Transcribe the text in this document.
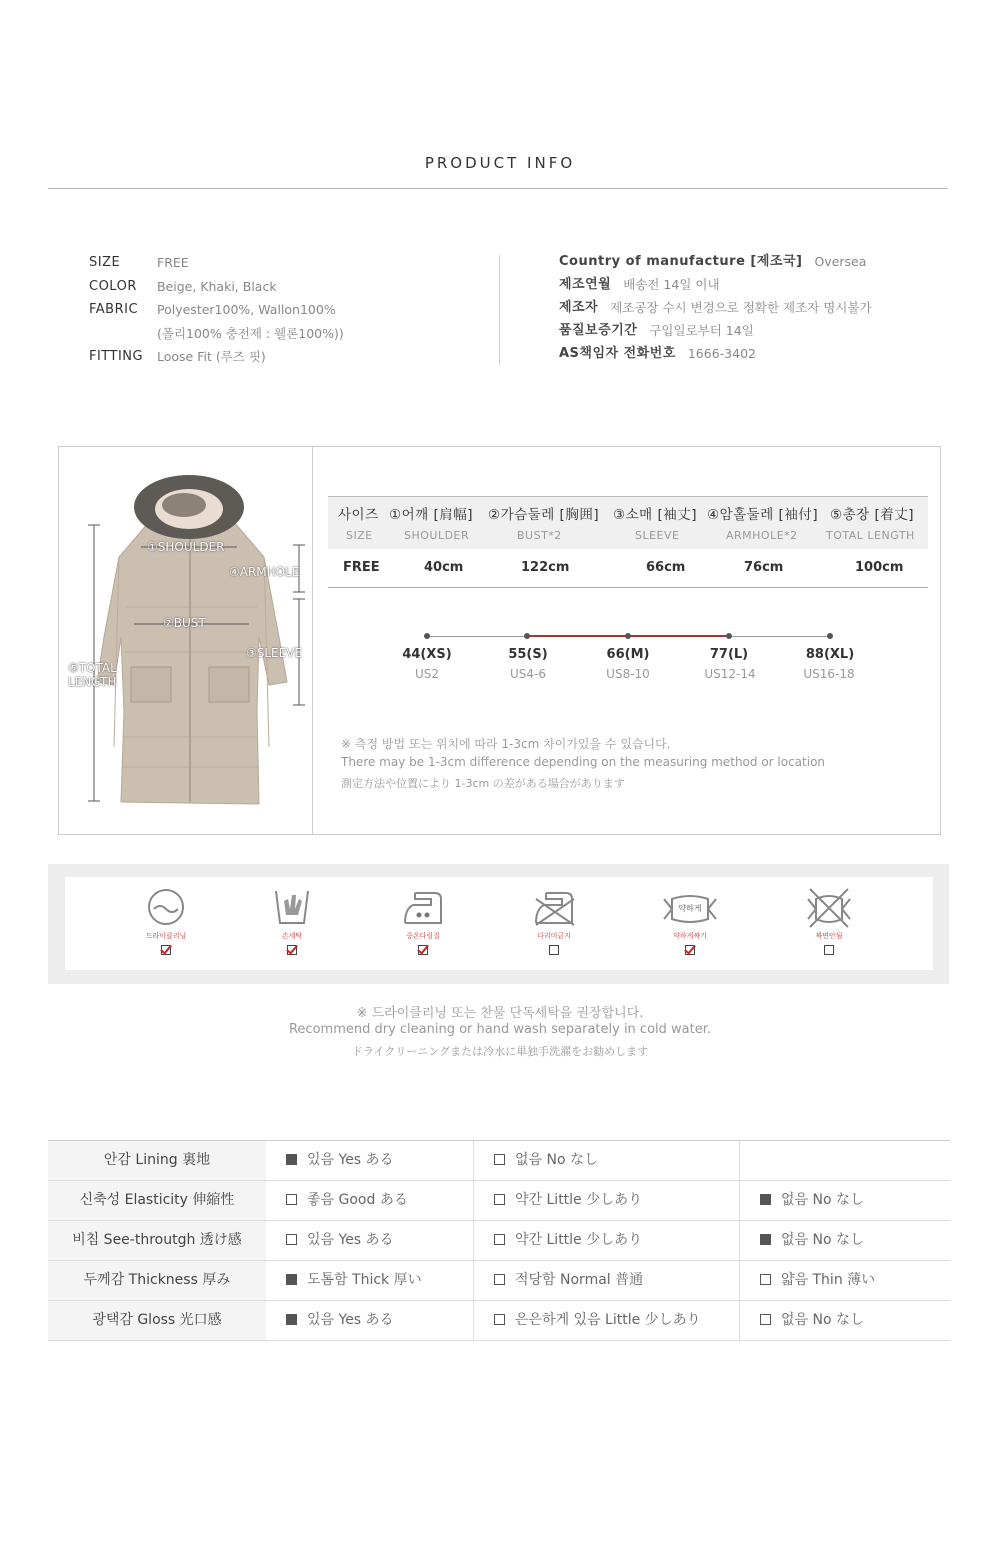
PRODUCT INFO
SIZE	FREE
COLOR	Beige, Khaki, Black
FABRIC	Polyester100%, Wallon100%
(폴리100% 충전제 : 웰론100%))
FITTING	Loose Fit (루즈 핏)
Country of manufacture [제조국] Oversea
제조연월 배송전 14일 이내
제조자 제조공장 수시 변경으로 정확한 제조자 명시불가
품질보증기간 구입일로부터 14일
AS책임자 전화번호 1666-3402
①SHOULDER
④ARMHOLE
②BUST
③SLEEVE
⑤TOTAL
LENGTH
사이즈 ①어깨 [肩幅] ②가슴둘레 [胸囲] ③소매 [袖丈] ④암홀둘레 [袖付] ⑤총장 [着丈]
SIZE	SHOULDER	BUST*2	SLEEVE	ARMHOLE*2	TOTAL LENGTH
FREE	40cm	122cm	66cm	76cm	100cm
44(XS)	55(S)	66(M)	77(L)	88(XL)
US2	US4-6	US8-10	US12-14	US16-18
※ 측정 방법 또는 위치에 따라 1-3cm 차이가있을 수 있습니다.
There may be 1-3cm difference depending on the measuring method or location
測定方法や位置により 1-3cm の差がある場合があります
드라이클리닝	손세탁	중온다림질	다리미금지
약하게
약하게짜기	짜면안됨
※ 드라이클리닝 또는 찬물 단독세탁을 권장합니다.
Recommend dry cleaning or hand wash separately in cold water.
ドライクリーニングまたは冷水に単独手洗濯をお勧めします
안감 Lining 裏地	있음 Yes ある	없음 No なし
신축성 Elasticity 伸縮性	좋음 Good ある	약간 Little 少しあり	없음 No なし
비침 See-throutgh 透け感	있음 Yes ある	약간 Little 少しあり	없음 No なし
두께감 Thickness 厚み	도톰함 Thick 厚い	적당함 Normal 普通	얇음 Thin 薄い
광택감 Gloss 光口感	있음 Yes ある	은은하게 있음 Little 少しあり	없음 No なし
